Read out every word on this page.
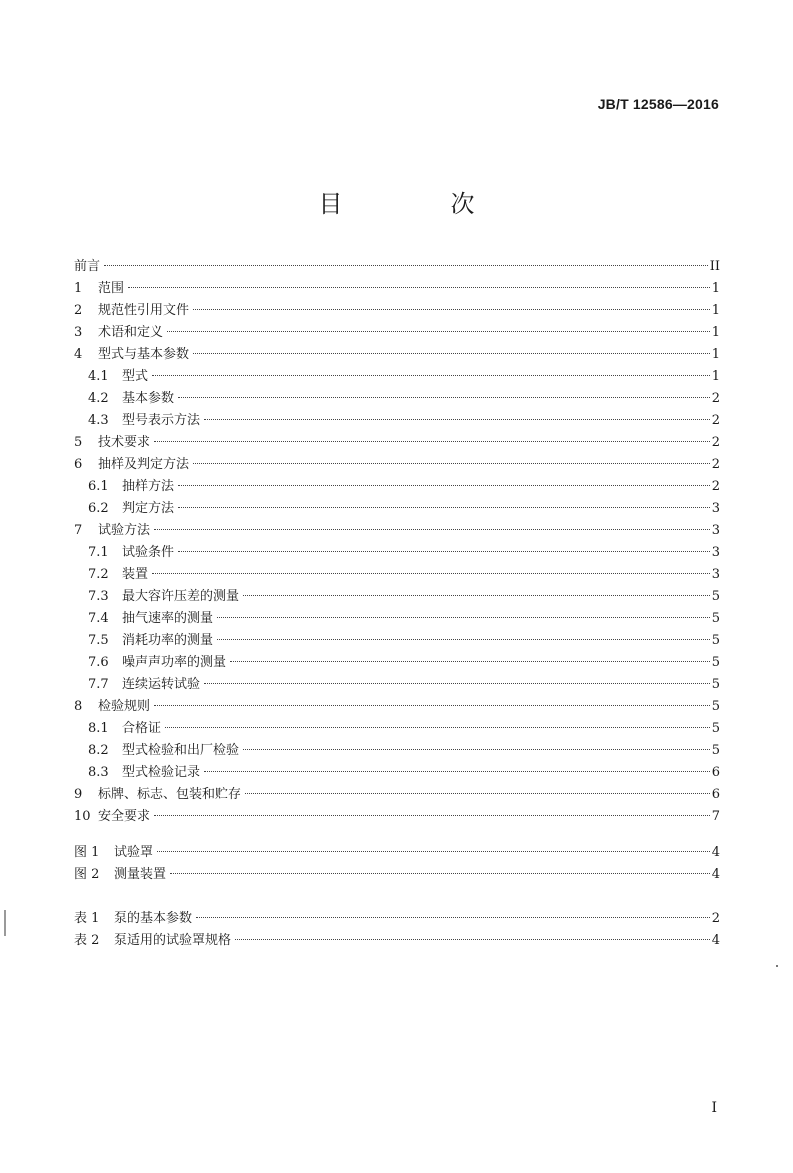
JB/T 12586—2016
目　次
前言	II
1	范围	1
2	规范性引用文件	1
3	术语和定义	1
4	型式与基本参数	1
4.1	型式	1
4.2	基本参数	2
4.3	型号表示方法	2
5	技术要求	2
6	抽样及判定方法	2
6.1	抽样方法	2
6.2	判定方法	3
7	试验方法	3
7.1	试验条件	3
7.2	装置	3
7.3	最大容许压差的测量	5
7.4	抽气速率的测量	5
7.5	消耗功率的测量	5
7.6	噪声声功率的测量	5
7.7	连续运转试验	5
8	检验规则	5
8.1	合格证	5
8.2	型式检验和出厂检验	5
8.3	型式检验记录	6
9	标牌、标志、包装和贮存	6
10 安全要求	7
图 1	试验罩	4
图 2	测量装置	4
表 1	泵的基本参数	2
表 2	泵适用的试验罩规格	4
I
